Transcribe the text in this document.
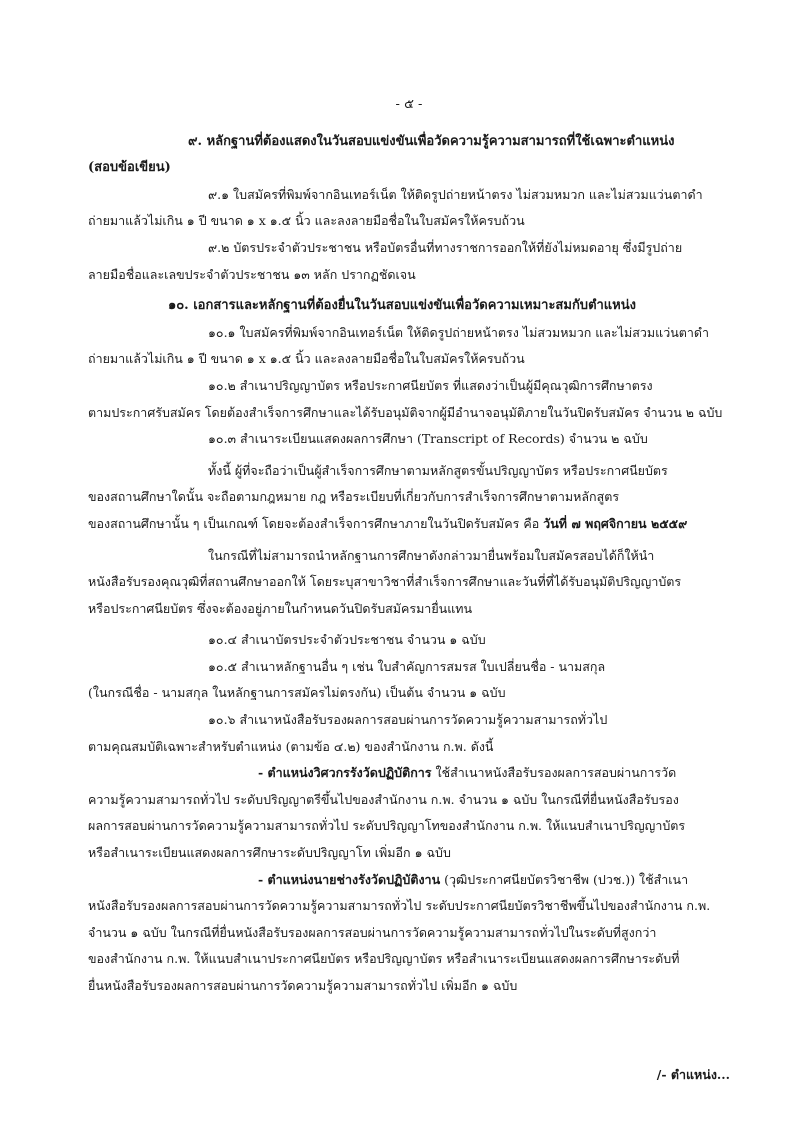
- ๕ -

๙. หลักฐานที่ต้องแสดงในวันสอบแข่งขันเพื่อวัดความรู้ความสามารถที่ใช้เฉพาะตำแหน่ง

(สอบข้อเขียน)

๙.๑ ใบสมัครที่พิมพ์จากอินเทอร์เน็ต ให้ติดรูปถ่ายหน้าตรง ไม่สวมหมวก และไม่สวมแว่นตาดำ

ถ่ายมาแล้วไม่เกิน ๑ ปี ขนาด ๑ x ๑.๕ นิ้ว และลงลายมือชื่อในใบสมัครให้ครบถ้วน

๙.๒ บัตรประจำตัวประชาชน หรือบัตรอื่นที่ทางราชการออกให้ที่ยังไม่หมดอายุ ซึ่งมีรูปถ่าย

ลายมือชื่อและเลขประจำตัวประชาชน ๑๓ หลัก ปรากฏชัดเจน

๑๐. เอกสารและหลักฐานที่ต้องยื่นในวันสอบแข่งขันเพื่อวัดความเหมาะสมกับตำแหน่ง

๑๐.๑ ใบสมัครที่พิมพ์จากอินเทอร์เน็ต ให้ติดรูปถ่ายหน้าตรง ไม่สวมหมวก และไม่สวมแว่นตาดำ

ถ่ายมาแล้วไม่เกิน ๑ ปี ขนาด ๑ x ๑.๕ นิ้ว และลงลายมือชื่อในใบสมัครให้ครบถ้วน

๑๐.๒ สำเนาปริญญาบัตร หรือประกาศนียบัตร ที่แสดงว่าเป็นผู้มีคุณวุฒิการศึกษาตรง

ตามประกาศรับสมัคร โดยต้องสำเร็จการศึกษาและได้รับอนุมัติจากผู้มีอำนาจอนุมัติภายในวันปิดรับสมัคร จำนวน ๒ ฉบับ

๑๐.๓ สำเนาระเบียนแสดงผลการศึกษา (Transcript of Records) จำนวน ๒ ฉบับ

ทั้งนี้ ผู้ที่จะถือว่าเป็นผู้สำเร็จการศึกษาตามหลักสูตรขั้นปริญญาบัตร หรือประกาศนียบัตร

ของสถานศึกษาใดนั้น จะถือตามกฎหมาย กฎ หรือระเบียบที่เกี่ยวกับการสำเร็จการศึกษาตามหลักสูตร

ของสถานศึกษานั้น ๆ เป็นเกณฑ์ โดยจะต้องสำเร็จการศึกษาภายในวันปิดรับสมัคร คือ วันที่ ๗ พฤศจิกายน ๒๕๕๙

ในกรณีที่ไม่สามารถนำหลักฐานการศึกษาดังกล่าวมายื่นพร้อมใบสมัครสอบได้ก็ให้นำ

หนังสือรับรองคุณวุฒิที่สถานศึกษาออกให้ โดยระบุสาขาวิชาที่สำเร็จการศึกษาและวันที่ที่ได้รับอนุมัติปริญญาบัตร

หรือประกาศนียบัตร ซึ่งจะต้องอยู่ภายในกำหนดวันปิดรับสมัครมายื่นแทน

๑๐.๔ สำเนาบัตรประจำตัวประชาชน จำนวน ๑ ฉบับ

๑๐.๕ สำเนาหลักฐานอื่น ๆ เช่น ใบสำคัญการสมรส ใบเปลี่ยนชื่อ - นามสกุล

(ในกรณีชื่อ - นามสกุล ในหลักฐานการสมัครไม่ตรงกัน) เป็นต้น จำนวน ๑ ฉบับ

๑๐.๖ สำเนาหนังสือรับรองผลการสอบผ่านการวัดความรู้ความสามารถทั่วไป

ตามคุณสมบัติเฉพาะสำหรับตำแหน่ง (ตามข้อ ๔.๒) ของสำนักงาน ก.พ. ดังนี้

- ตำแหน่งวิศวกรรังวัดปฏิบัติการ ใช้สำเนาหนังสือรับรองผลการสอบผ่านการวัด

ความรู้ความสามารถทั่วไป ระดับปริญญาตรีขึ้นไปของสำนักงาน ก.พ. จำนวน ๑ ฉบับ ในกรณีที่ยื่นหนังสือรับรอง

ผลการสอบผ่านการวัดความรู้ความสามารถทั่วไป ระดับปริญญาโทของสำนักงาน ก.พ. ให้แนบสำเนาปริญญาบัตร

หรือสำเนาระเบียนแสดงผลการศึกษาระดับปริญญาโท เพิ่มอีก ๑ ฉบับ

- ตำแหน่งนายช่างรังวัดปฏิบัติงาน (วุฒิประกาศนียบัตรวิชาชีพ (ปวช.)) ใช้สำเนา

หนังสือรับรองผลการสอบผ่านการวัดความรู้ความสามารถทั่วไป ระดับประกาศนียบัตรวิชาชีพขึ้นไปของสำนักงาน ก.พ.

จำนวน ๑ ฉบับ ในกรณีที่ยื่นหนังสือรับรองผลการสอบผ่านการวัดความรู้ความสามารถทั่วไปในระดับที่สูงกว่า

ของสำนักงาน ก.พ. ให้แนบสำเนาประกาศนียบัตร หรือปริญญาบัตร หรือสำเนาระเบียนแสดงผลการศึกษาระดับที่

ยื่นหนังสือรับรองผลการสอบผ่านการวัดความรู้ความสามารถทั่วไป เพิ่มอีก ๑ ฉบับ

/- ตำแหน่ง...
